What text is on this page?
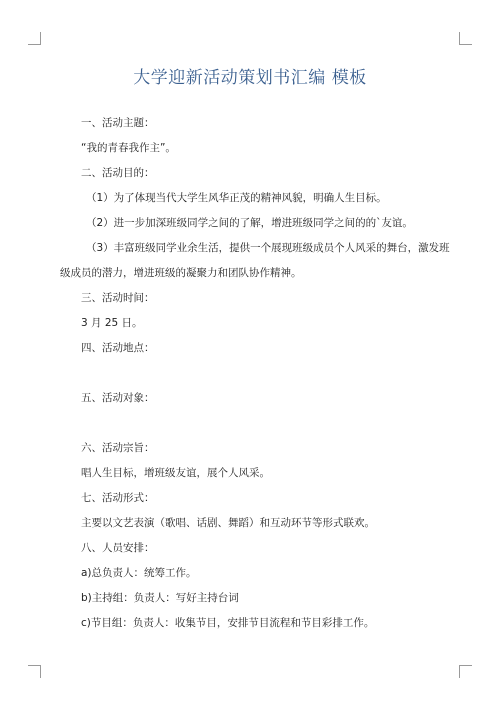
大学迎新活动策划书汇编 模板
一、活动主题：
“我的青春我作主”。
二、活动目的：
（1）为了体现当代大学生风华正茂的精神风貌，明确人生目标。
（2）进一步加深班级同学之间的了解，增进班级同学之间的的`友谊。
（3）丰富班级同学业余生活，提供一个展现班级成员个人风采的舞台，激发班
级成员的潜力，增进班级的凝聚力和团队协作精神。
三、活动时间：
3 月 25 日。
四、活动地点：
五、活动对象：
六、活动宗旨：
唱人生目标，增班级友谊，展个人风采。
七、活动形式：
主要以文艺表演（歌唱、话剧、舞蹈）和互动环节等形式联欢。
八、人员安排：
a)总负责人：统筹工作。
b)主持组：负责人：写好主持台词
c)节目组：负责人：收集节目，安排节目流程和节目彩排工作。
